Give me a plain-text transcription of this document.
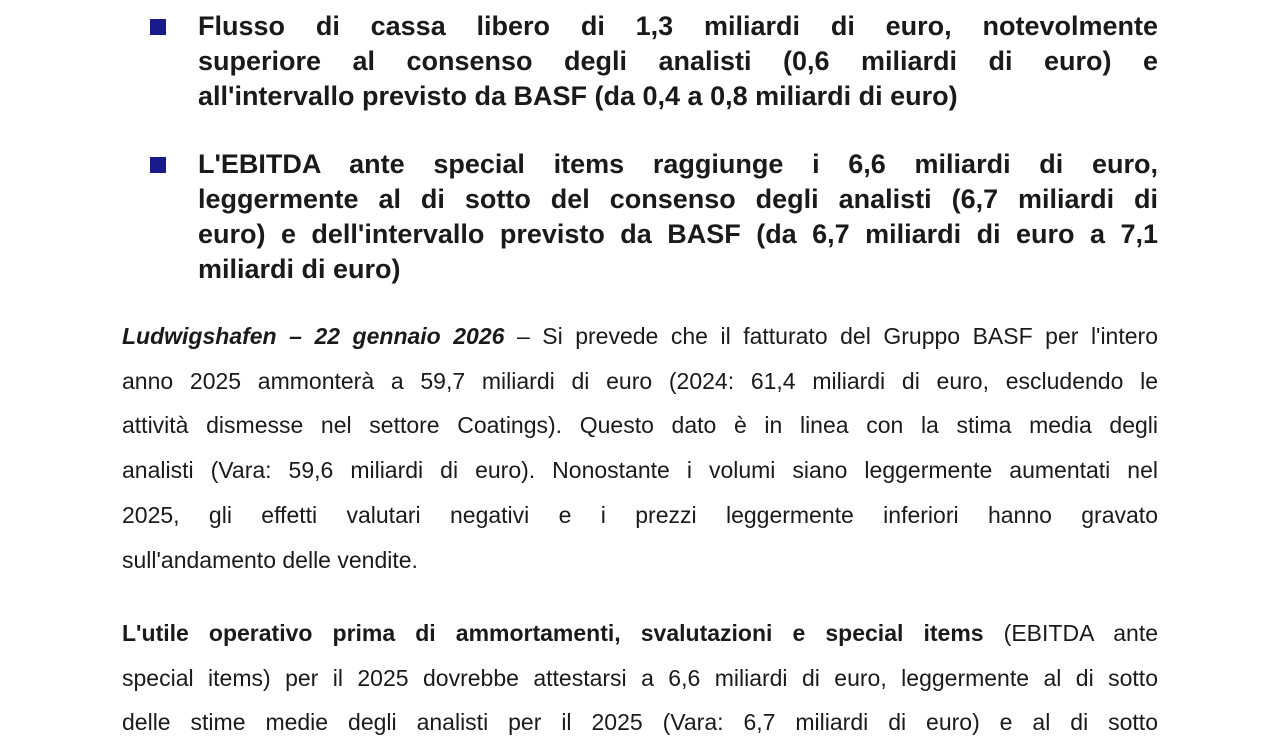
Flusso di cassa libero di 1,3 miliardi di euro, notevolmente
superiore al consenso degli analisti (0,6 miliardi di euro) e
all'intervallo previsto da BASF (da 0,4 a 0,8 miliardi di euro)
L'EBITDA ante special items raggiunge i 6,6 miliardi di euro,
leggermente al di sotto del consenso degli analisti (6,7 miliardi di
euro) e dell'intervallo previsto da BASF (da 6,7 miliardi di euro a 7,1
miliardi di euro)
Ludwigshafen – 22 gennaio 2026 – Si prevede che il fatturato del Gruppo BASF per l'intero
anno 2025 ammonterà a 59,7 miliardi di euro (2024: 61,4 miliardi di euro, escludendo le
attività dismesse nel settore Coatings). Questo dato è in linea con la stima media degli
analisti (Vara: 59,6 miliardi di euro). Nonostante i volumi siano leggermente aumentati nel
2025, gli effetti valutari negativi e i prezzi leggermente inferiori hanno gravato
sull'andamento delle vendite.
L'utile operativo prima di ammortamenti, svalutazioni e special items (EBITDA ante
special items) per il 2025 dovrebbe attestarsi a 6,6 miliardi di euro, leggermente al di sotto
delle stime medie degli analisti per il 2025 (Vara: 6,7 miliardi di euro) e al di sotto
